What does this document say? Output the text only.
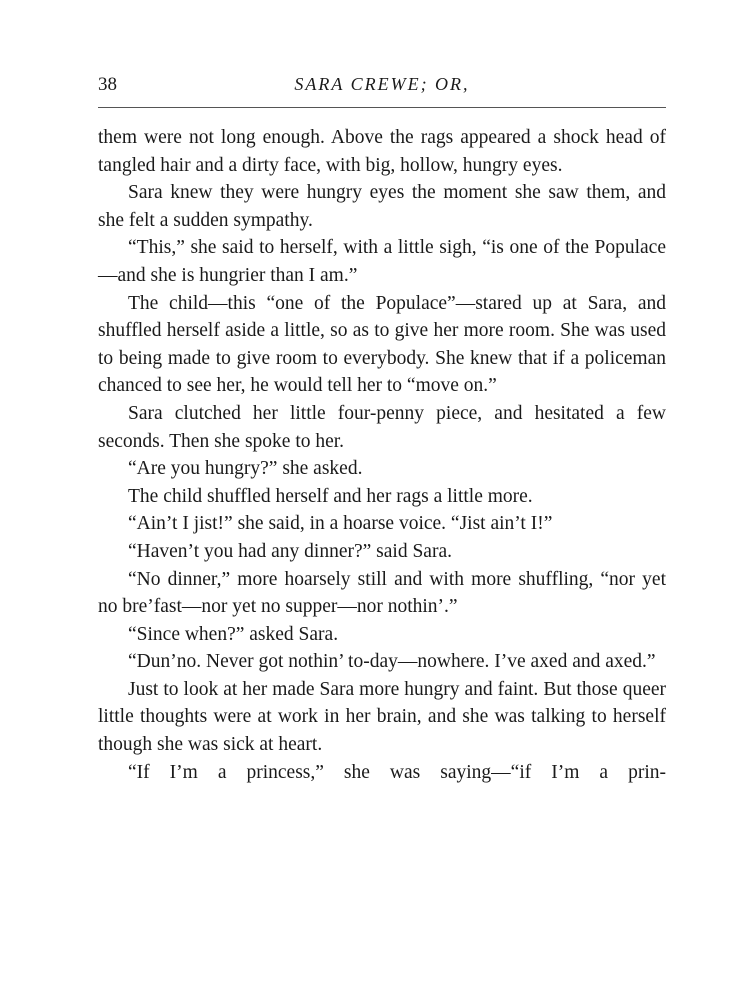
38	SARA CREWE; OR,

them were not long enough. Above the rags appeared a shock head of tangled hair and a dirty face, with big, hollow, hungry eyes.

Sara knew they were hungry eyes the moment she saw them, and she felt a sudden sympathy.

“This,” she said to herself, with a little sigh, “is one of the Populace—and she is hungrier than I am.”

The child—this “one of the Populace”—stared up at Sara, and shuffled herself aside a little, so as to give her more room. She was used to being made to give room to everybody. She knew that if a policeman chanced to see her, he would tell her to “move on.”

Sara clutched her little four-penny piece, and hesitated a few seconds. Then she spoke to her.

“Are you hungry?” she asked.

The child shuffled herself and her rags a little more.

“Ain’t I jist!” she said, in a hoarse voice. “Jist ain’t I!”

“Haven’t you had any dinner?” said Sara.

“No dinner,” more hoarsely still and with more shuffling, “nor yet no bre’fast—nor yet no supper—nor nothin’.”

“Since when?” asked Sara.

“Dun’no. Never got nothin’ to-day—nowhere. I’ve axed and axed.”

Just to look at her made Sara more hungry and faint. But those queer little thoughts were at work in her brain, and she was talking to herself though she was sick at heart.

“If I’m a princess,” she was saying—“if I’m a prin-
